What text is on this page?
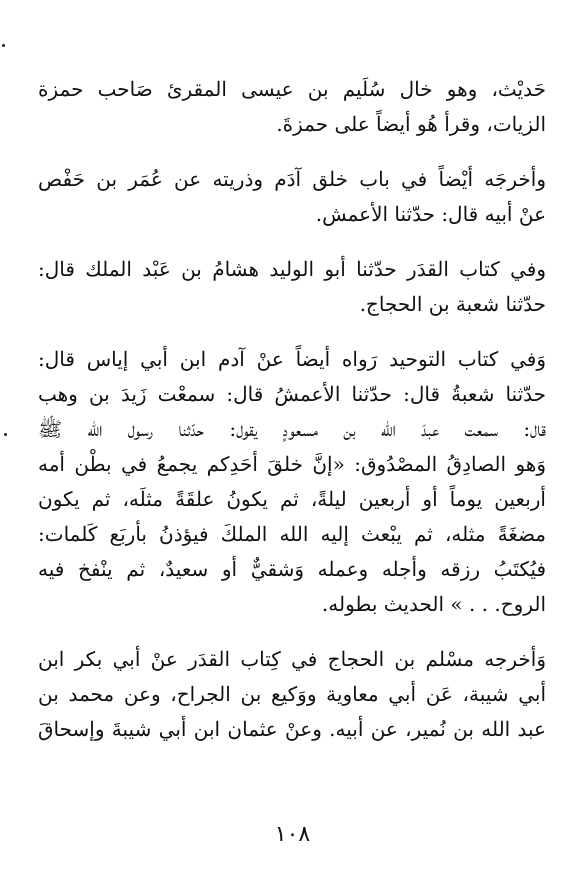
حَديْث، وهو خال سُلَيم بن عيسى المقرئ صَاحب حمزة
الزيات، وقرأ هُو أيضاً على حمزةَ.
وأخرجَه أيْضاً في باب خلق آدَم وذريته عن عُمَر بن حَفْص
عنْ أبيه قال: حدّثنا الأعمش.
وفي كتاب القدَر حدّثنا أبو الوليد هشامُ بن عَبْد الملك قال:
حدّثنا شعبة بن الحجاج.
وَفي كتاب التوحيد رَواه أيضاً عنْ آدم ابن أبي إياس قال:
حدّثنا شعبةُ قال: حدّثنا الأعمشُ قال: سمعْت زَيدَ بن وهب
قال: سمعت عبدَ الله بن مسعودٍ يقول: حدّثنا رسول الله ﷺ
وَهو الصادِقُ المصْدُوق: «إنَّ خلقَ أحَدِكم يجمعُ في بطْن أمه
أربعين يوماً أو أربعين ليلةً، ثم يكونُ علقَةً مثلَه، ثم يكون
مضغَةً مثله، ثم يبْعث إليه الله الملكَ فيؤذنُ بأربَع كَلمات:
فيُكتَبُ رزقه وأجله وعمله وَشقيٌّ أو سعيدٌ، ثم ينْفخ فيه
الروح. . . » الحديث بطوله.
وَأخرجه مسْلم بن الحجاج في كِتاب القدَر عنْ أبي بكر ابن
أبي شيبة، عَن أبي معاوية ووَكيع بن الجراح، وعن محمد بن
عبد الله بن نُمير، عن أبيه. وعنْ عثمان ابن أبي شيبةَ وإسحاقَ
١٠٨
